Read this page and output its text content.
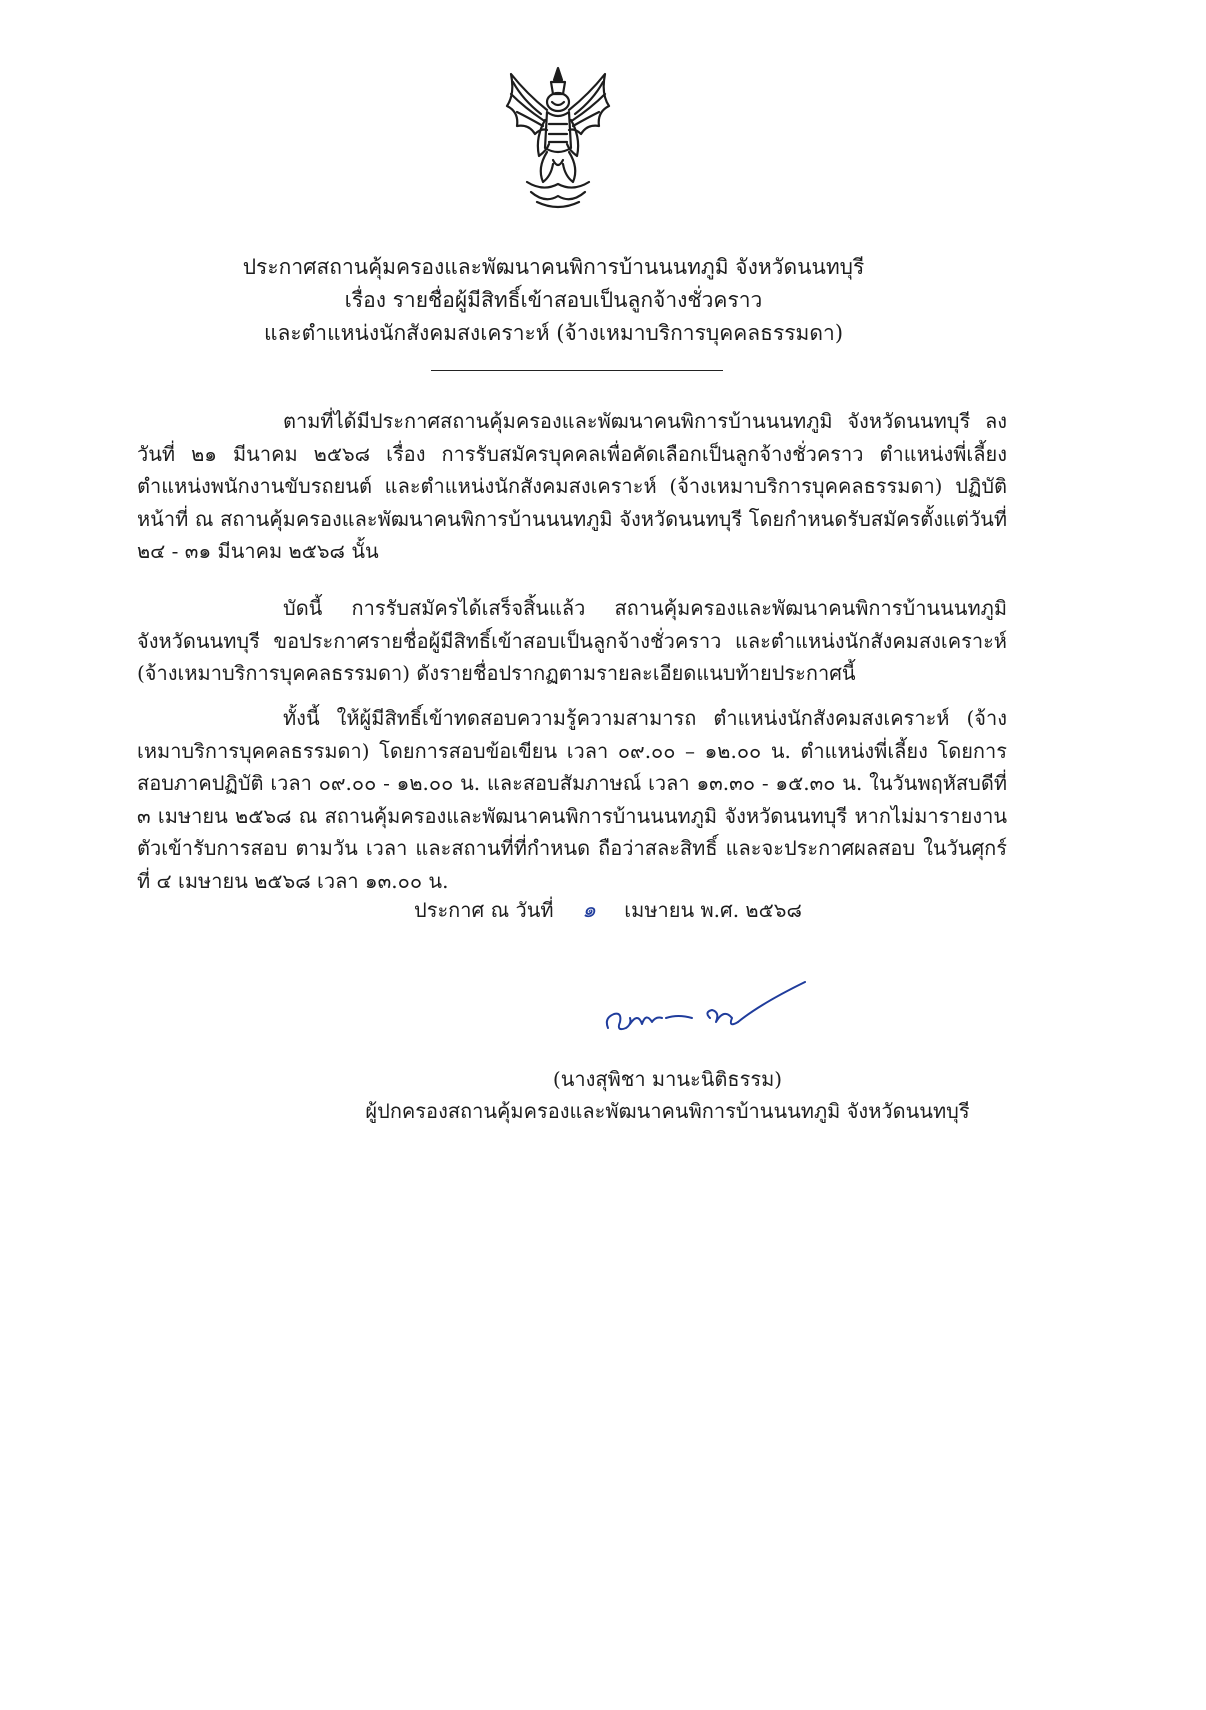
ประกาศสถานคุ้มครองและพัฒนาคนพิการบ้านนนทภูมิ จังหวัดนนทบุรี
เรื่อง รายชื่อผู้มีสิทธิ์เข้าสอบเป็นลูกจ้างชั่วคราว
และตำแหน่งนักสังคมสงเคราะห์ (จ้างเหมาบริการบุคคลธรรมดา)
ตามที่ได้มีประกาศสถานคุ้มครองและพัฒนาคนพิการบ้านนนทภูมิ จังหวัดนนทบุรี ลงวันที่ ๒๑ มีนาคม ๒๕๖๘ เรื่อง การรับสมัครบุคคลเพื่อคัดเลือกเป็นลูกจ้างชั่วคราว ตำแหน่งพี่เลี้ยง ตำแหน่งพนักงานขับรถยนต์ และตำแหน่งนักสังคมสงเคราะห์ (จ้างเหมาบริการบุคคลธรรมดา) ปฏิบัติหน้าที่ ณ สถานคุ้มครองและพัฒนาคนพิการบ้านนนทภูมิ จังหวัดนนทบุรี โดยกำหนดรับสมัครตั้งแต่วันที่ ๒๔ - ๓๑ มีนาคม ๒๕๖๘ นั้น
บัดนี้ การรับสมัครได้เสร็จสิ้นแล้ว สถานคุ้มครองและพัฒนาคนพิการบ้านนนทภูมิ จังหวัดนนทบุรี ขอประกาศรายชื่อผู้มีสิทธิ์เข้าสอบเป็นลูกจ้างชั่วคราว และตำแหน่งนักสังคมสงเคราะห์ (จ้างเหมาบริการบุคคลธรรมดา) ดังรายชื่อปรากฏตามรายละเอียดแนบท้ายประกาศนี้
ทั้งนี้ ให้ผู้มีสิทธิ์เข้าทดสอบความรู้ความสามารถ ตำแหน่งนักสังคมสงเคราะห์ (จ้างเหมาบริการบุคคลธรรมดา) โดยการสอบข้อเขียน เวลา ๐๙.๐๐ – ๑๒.๐๐ น. ตำแหน่งพี่เลี้ยง โดยการสอบภาคปฏิบัติ เวลา ๐๙.๐๐ - ๑๒.๐๐ น. และสอบสัมภาษณ์ เวลา ๑๓.๓๐ - ๑๕.๓๐ น. ในวันพฤหัสบดีที่ ๓ เมษายน ๒๕๖๘ ณ สถานคุ้มครองและพัฒนาคนพิการบ้านนนทภูมิ จังหวัดนนทบุรี หากไม่มารายงานตัวเข้ารับการสอบ ตามวัน เวลา และสถานที่ที่กำหนด ถือว่าสละสิทธิ์ และจะประกาศผลสอบ ในวันศุกร์ที่ ๔ เมษายน ๒๕๖๘ เวลา ๑๓.๐๐ น.
ประกาศ ณ วันที่ ๑ เมษายน พ.ศ. ๒๕๖๘
(นางสุพิชา มานะนิติธรรม)
ผู้ปกครองสถานคุ้มครองและพัฒนาคนพิการบ้านนนทภูมิ จังหวัดนนทบุรี
